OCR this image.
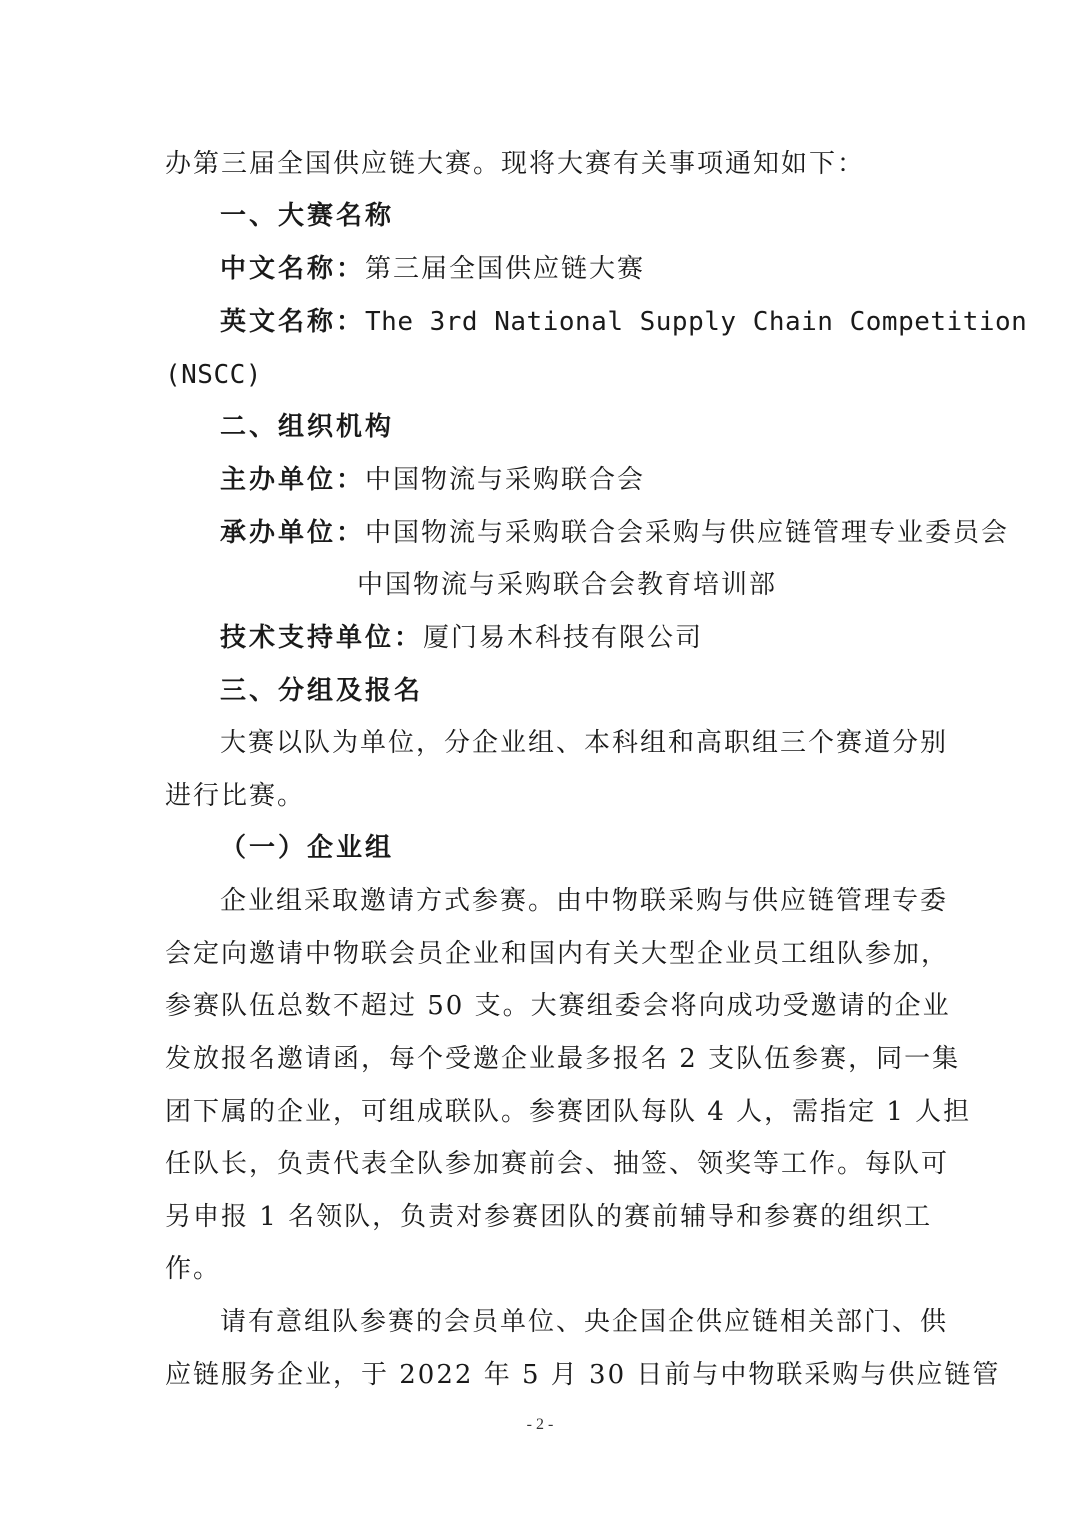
办第三届全国供应链大赛。现将大赛有关事项通知如下：
一、大赛名称
中文名称：第三届全国供应链大赛
英文名称：The 3rd National Supply Chain Competition
(NSCC)
二、组织机构
主办单位：中国物流与采购联合会
承办单位：中国物流与采购联合会采购与供应链管理专业委员会
中国物流与采购联合会教育培训部
技术支持单位：厦门易木科技有限公司
三、分组及报名
大赛以队为单位，分企业组、本科组和高职组三个赛道分别
进行比赛。
（一）企业组
企业组采取邀请方式参赛。由中物联采购与供应链管理专委
会定向邀请中物联会员企业和国内有关大型企业员工组队参加，
参赛队伍总数不超过 50 支。大赛组委会将向成功受邀请的企业
发放报名邀请函，每个受邀企业最多报名 2 支队伍参赛，同一集
团下属的企业，可组成联队。参赛团队每队 4 人，需指定 1 人担
任队长，负责代表全队参加赛前会、抽签、领奖等工作。每队可
另申报 1 名领队，负责对参赛团队的赛前辅导和参赛的组织工
作。
请有意组队参赛的会员单位、央企国企供应链相关部门、供
应链服务企业，于 2022 年 5 月 30 日前与中物联采购与供应链管
- 2 -
